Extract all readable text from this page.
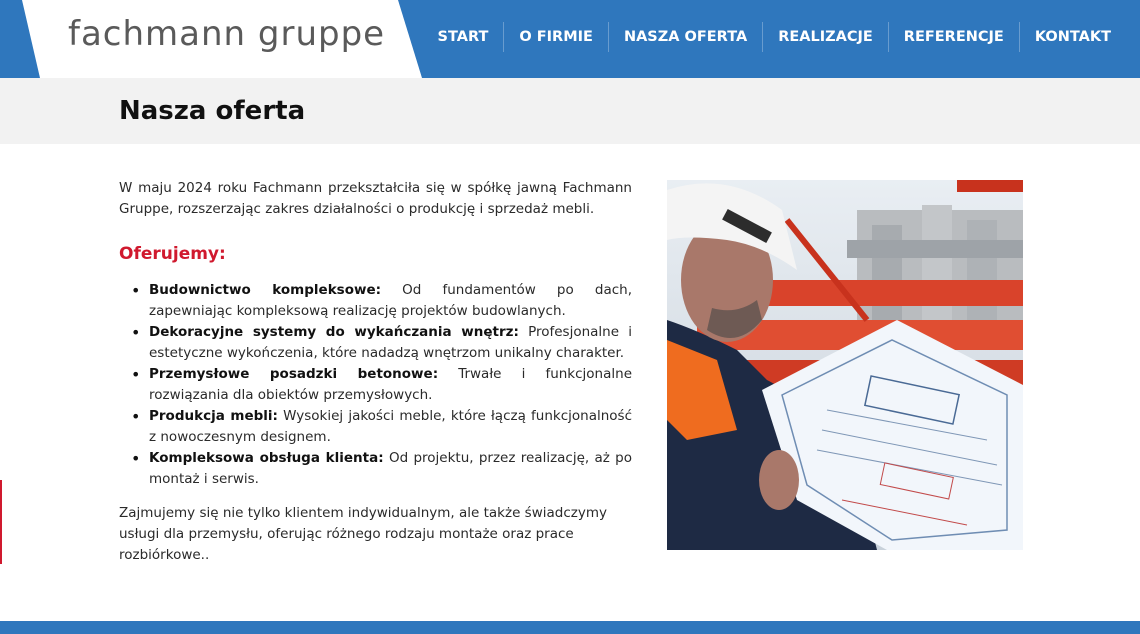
fachmann gruppe	START	O FIRMIE	NASZA OFERTA	REALIZACJE	REFERENCJE	KONTAKT
Nasza oferta

W maju 2024 roku Fachmann przekształciła się w spółkę jawną Fachmann Gruppe, rozszerzając zakres działalności o produkcję i sprzedaż mebli.

Oferujemy:
• Budownictwo kompleksowe: Od fundamentów po dach, zapewniając kompleksową realizację projektów budowlanych.
• Dekoracyjne systemy do wykańczania wnętrz: Profesjonalne i estetyczne wykończenia, które nadadzą wnętrzom unikalny charakter.
• Przemysłowe posadzki betonowe: Trwałe i funkcjonalne rozwiązania dla obiektów przemysłowych.
• Produkcja mebli: Wysokiej jakości meble, które łączą funkcjonalność z nowoczesnym designem.
• Kompleksowa obsługa klienta: Od projektu, przez realizację, aż po montaż i serwis.

Zajmujemy się nie tylko klientem indywidualnym, ale także świadczymy usługi dla przemysłu, oferując różnego rodzaju montaże oraz prace rozbiórkowe..
